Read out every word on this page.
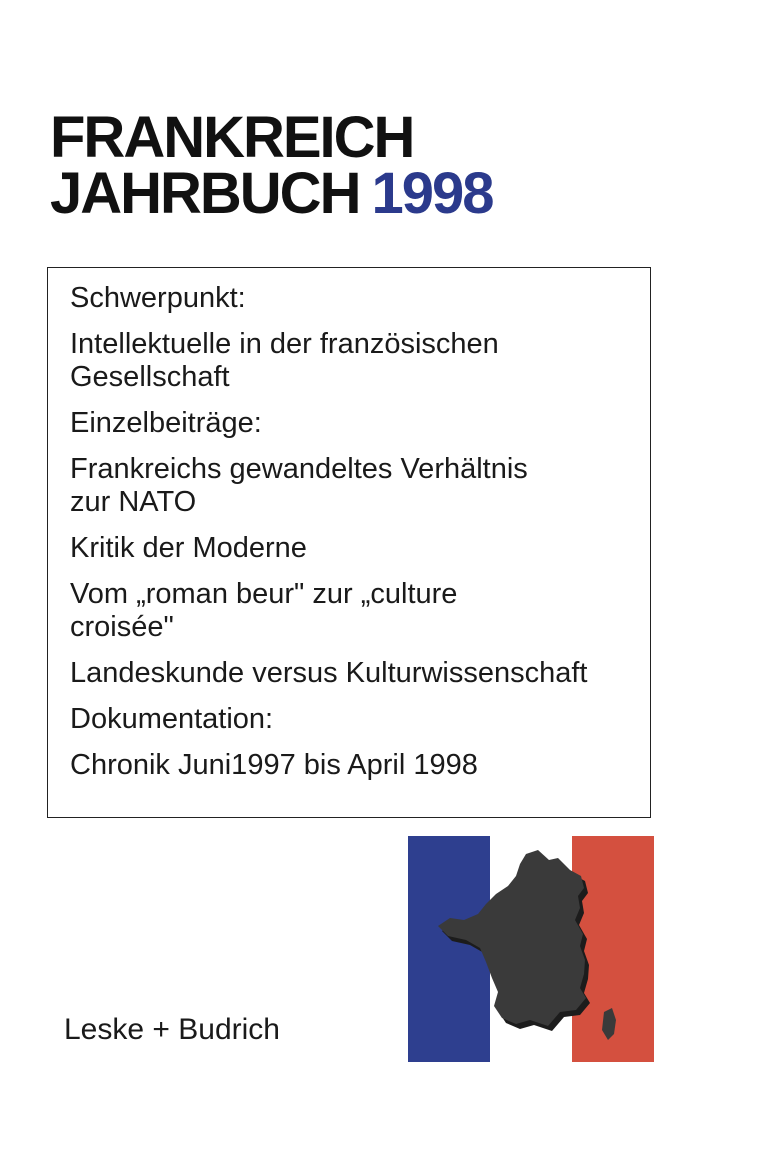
FRANKREICH
JAHRBUCH 1998
Schwerpunkt:
Intellektuelle in der französischen
Gesellschaft
Einzelbeiträge:
Frankreichs gewandeltes Verhältnis
zur NATO
Kritik der Moderne
Vom „roman beur" zur „culture
croisée"
Landeskunde versus Kulturwissenschaft
Dokumentation:
Chronik Juni1997 bis April 1998
Leske + Budrich
